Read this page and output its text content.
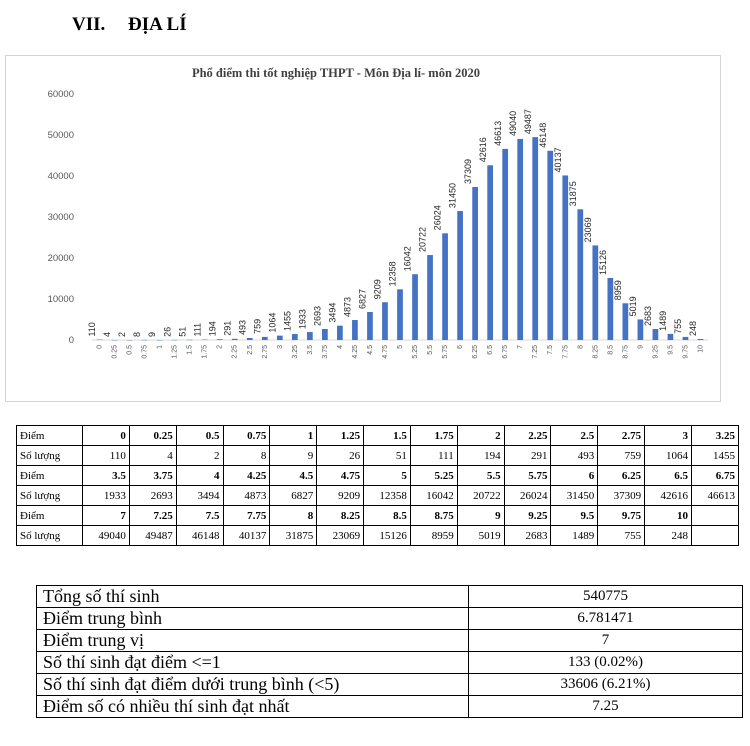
VII. ĐỊA LÍ
Phổ điểm thi tốt nghiệp THPT - Môn Địa lí- môn 2020
0
10000
20000
30000
40000
50000
60000
110 4 2 8 9 26 51 111 194 291 493 759 1064 1455 1933 2693 3494 4873 6827 9209
12358
16042
20722
26024
31450
37309
42616
46613 49040 49487
46148
40137
31875
23069
15126
8959
5019 2683 1489 755 248
0 0.25 0.5 0.75 1 1.25 1.5 1.75 2 2.25 2.5 2.75 3 3.25 3.5 3.75 4 4.25 4.5 4.75 5 5.25 5.5 5.75 6 6.25 6.5 6.75 7 7.25 7.5 7.75 8 8.25 8.5 8.75 9 9.25 9.5 9.75 10
Điểm	0	0.25	0.5	0.75	1	1.25	1.5	1.75	2	2.25	2.5	2.75	3	3.25
Số lượng	110	4	2	8	9	26	51	111	194	291	493	759	1064	1455
Điểm	3.5	3.75	4	4.25	4.5	4.75	5	5.25	5.5	5.75	6	6.25	6.5	6.75
Số lượng	1933	2693	3494	4873	6827	9209	12358	16042	20722	26024	31450	37309	42616	46613
Điểm	7	7.25	7.5	7.75	8	8.25	8.5	8.75	9	9.25	9.5	9.75	10	
Số lượng	49040	49487	46148	40137	31875	23069	15126	8959	5019	2683	1489	755	248	
Tổng số thí sinh	540775
Điểm trung bình	6.781471
Điểm trung vị	7
Số thí sinh đạt điểm <=1	133 (0.02%)
Số thí sinh đạt điểm dưới trung bình (<5)	33606 (6.21%)
Điểm số có nhiều thí sinh đạt nhất	7.25
